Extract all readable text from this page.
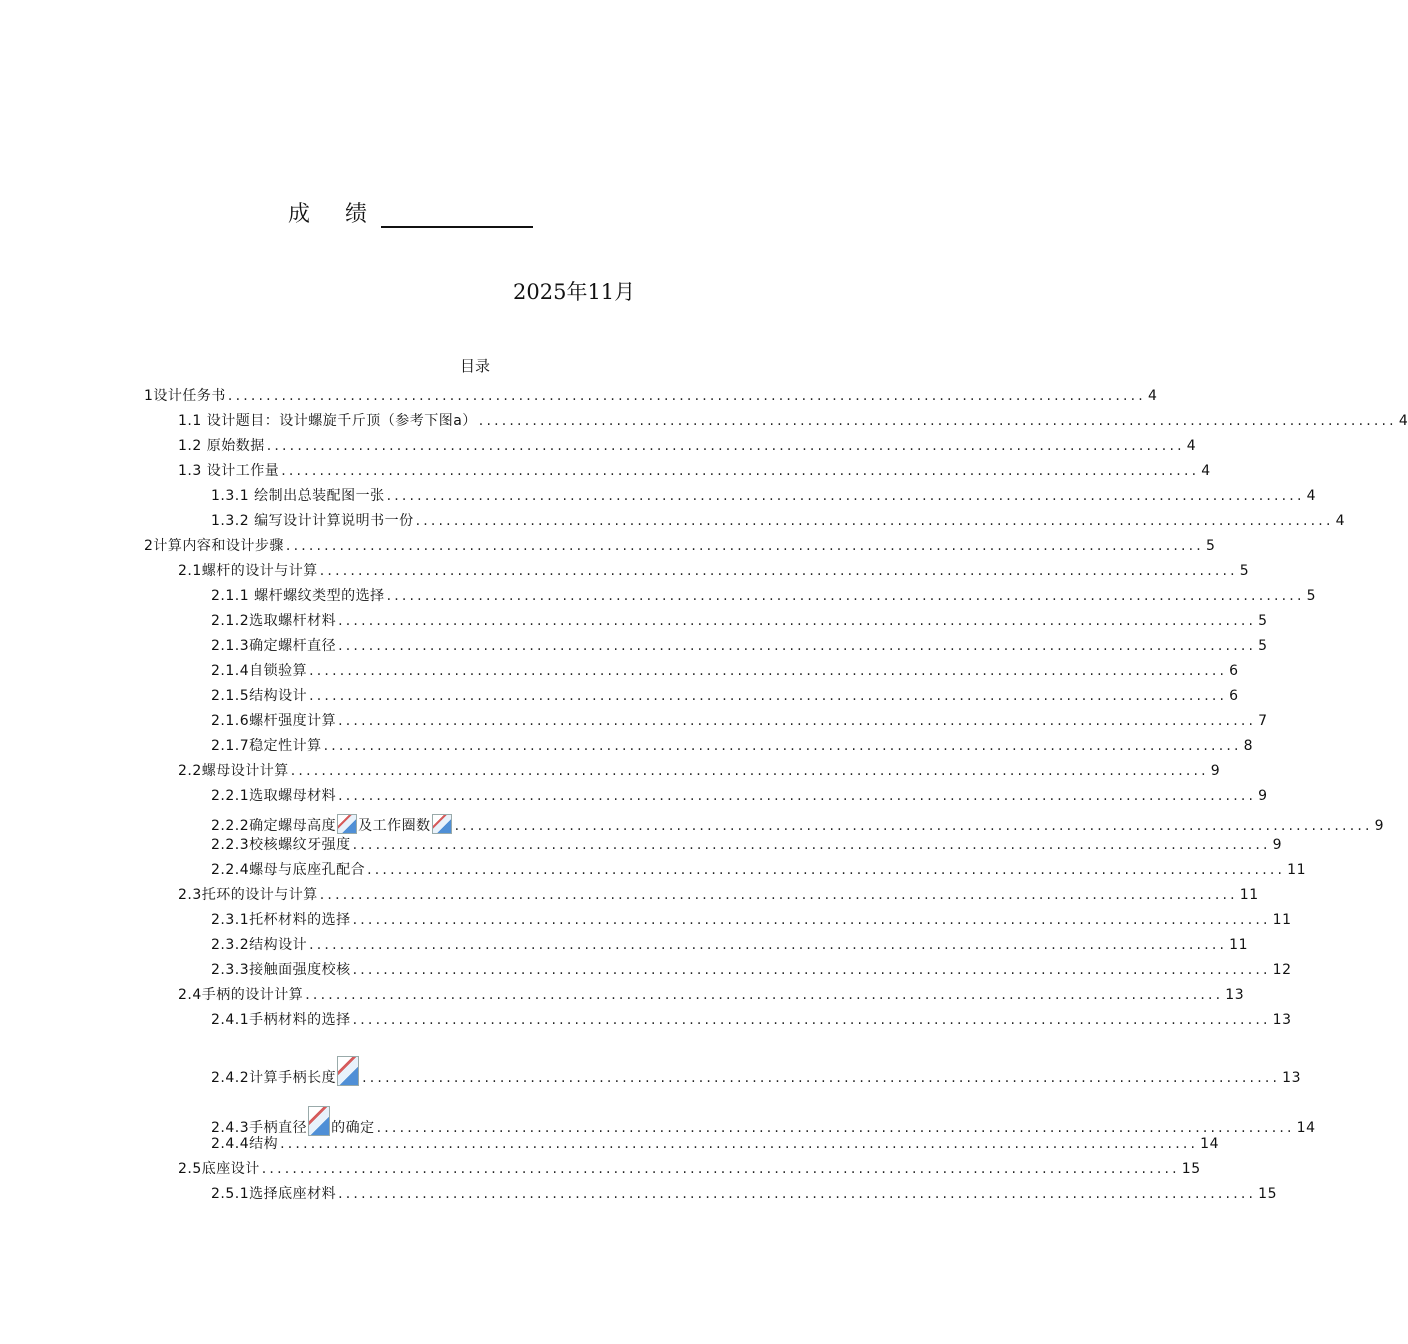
成 绩
2025年11月
目录
1设计任务书 ........................................................................................................................ 4
1.1 设计题目：设计螺旋千斤顶（参考下图a） ........................................................................................................................ 4
1.2 原始数据 ........................................................................................................................ 4
1.3 设计工作量 ........................................................................................................................ 4
1.3.1 绘制出总装配图一张 ........................................................................................................................ 4
1.3.2 编写设计计算说明书一份 ........................................................................................................................ 4
2计算内容和设计步骤 ........................................................................................................................ 5
2.1螺杆的设计与计算 ........................................................................................................................ 5
2.1.1 螺杆螺纹类型的选择 ........................................................................................................................ 5
2.1.2选取螺杆材料 ........................................................................................................................ 5
2.1.3确定螺杆直径 ........................................................................................................................ 5
2.1.4自锁验算 ........................................................................................................................ 6
2.1.5结构设计 ........................................................................................................................ 6
2.1.6螺杆强度计算 ........................................................................................................................ 7
2.1.7稳定性计算 ........................................................................................................................ 8
2.2螺母设计计算 ........................................................................................................................ 9
2.2.1选取螺母材料 ........................................................................................................................ 9
2.2.2确定螺母高度 及工作圈数 ........................................................................................................................ 9
2.2.3校核螺纹牙强度 ........................................................................................................................ 9
2.2.4螺母与底座孔配合 ........................................................................................................................ 11
2.3托环的设计与计算 ........................................................................................................................ 11
2.3.1托杯材料的选择 ........................................................................................................................ 11
2.3.2结构设计 ........................................................................................................................ 11
2.3.3接触面强度校核 ........................................................................................................................ 12
2.4手柄的设计计算 ........................................................................................................................ 13
2.4.1手柄材料的选择 ........................................................................................................................ 13
2.4.2计算手柄长度 ........................................................................................................................ 13
2.4.3手柄直径 的确定 ........................................................................................................................ 14
2.4.4结构 ........................................................................................................................ 14
2.5底座设计 ........................................................................................................................ 15
2.5.1选择底座材料 ........................................................................................................................ 15
